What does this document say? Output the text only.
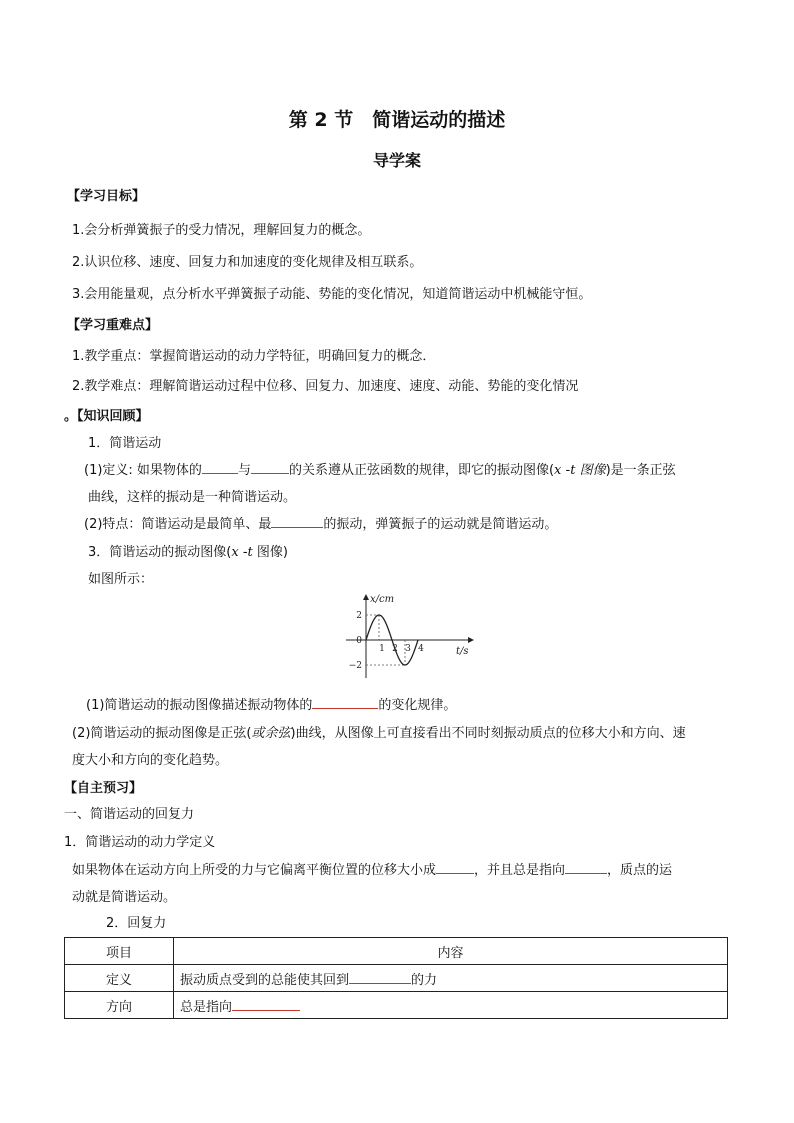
第 2 节　简谐运动的描述
导学案
【学习目标】
1.会分析弹簧振子的受力情况，理解回复力的概念。
2.认识位移、速度、回复力和加速度的变化规律及相互联系。
3.会用能量观，点分析水平弹簧振子动能、势能的变化情况，知道简谐运动中机械能守恒。
【学习重难点】
1.教学重点：掌握简谐运动的动力学特征，明确回复力的概念．
2.教学难点：理解简谐运动过程中位移、回复力、加速度、速度、动能、势能的变化情况
。【知识回顾】
1．简谐运动
(1)定义: 如果物体的	与	的关系遵从正弦函数的规律，即它的振动图像(x -t 图像)是一条正弦
曲线，这样的振动是一种简谐运动。
(2)特点：简谐运动是最简单、最	的振动，弹簧振子的运动就是简谐运动。
3．简谐运动的振动图像(x -t 图像)
如图所示：
x/cm
t/s
2
0
−2
1 2 3 4
(1)简谐运动的振动图像描述振动物体的	的变化规律。
(2)简谐运动的振动图像是正弦(或余弦)曲线，从图像上可直接看出不同时刻振动质点的位移大小和方向、速
度大小和方向的变化趋势。
【自主预习】
一、简谐运动的回复力
1．简谐运动的动力学定义
如果物体在运动方向上所受的力与它偏离平衡位置的位移大小成	，并且总是指向	，质点的运
动就是简谐运动。
2．回复力
项目	内容
定义	振动质点受到的总能使其回到 的力
方向	总是指向
